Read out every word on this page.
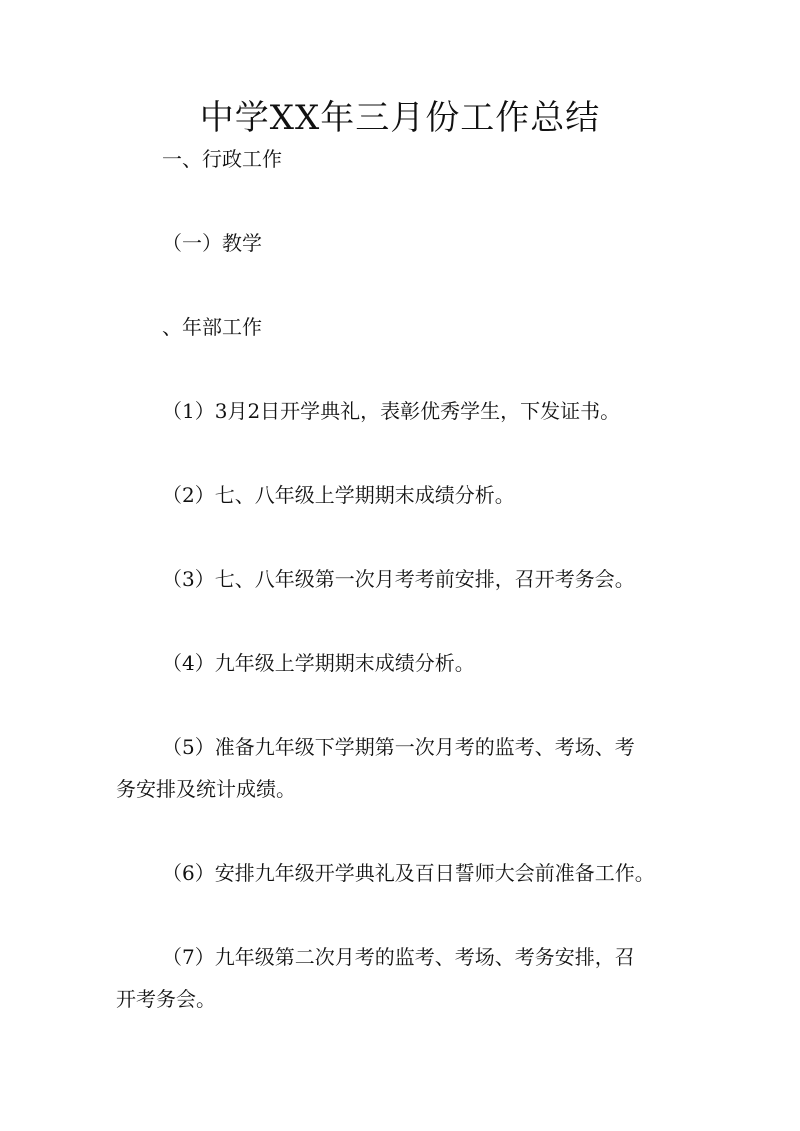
中学XX年三月份工作总结

一、行政工作

（一）教学

、年部工作

（1）3月2日开学典礼，表彰优秀学生，下发证书。

（2）七、八年级上学期期末成绩分析。

（3）七、八年级第一次月考考前安排，召开考务会。

（4）九年级上学期期末成绩分析。

（5）准备九年级下学期第一次月考的监考、考场、考

务安排及统计成绩。

（6）安排九年级开学典礼及百日誓师大会前准备工作。

（7）九年级第二次月考的监考、考场、考务安排，召

开考务会。
